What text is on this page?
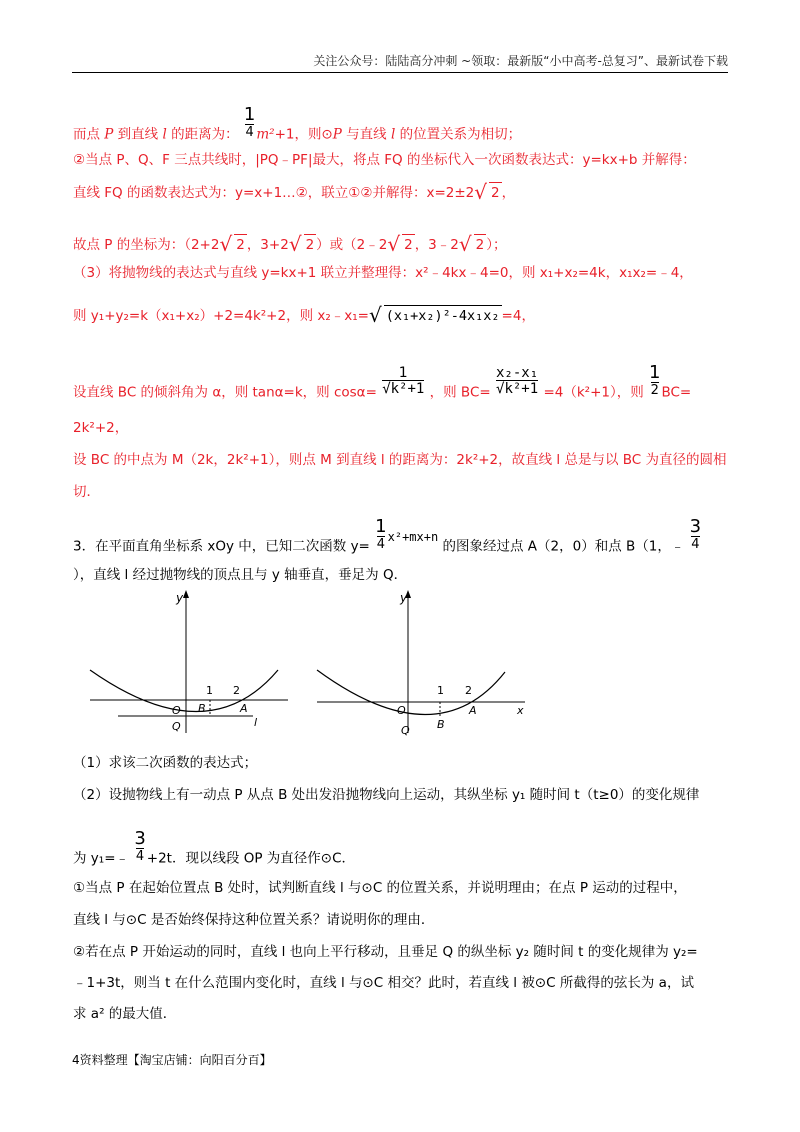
关注公众号：陆陆高分冲刺 ~领取：最新版“小中高考-总复习”、最新试卷下载
而点 P 到直线 l 的距离为： $\frac{1}{4} m^2+1$，则⊙P 与直线 l 的位置关系为相切；
②当点 P、Q、F 三点共线时，|PQ﹣PF|最大，将点 FQ 的坐标代入一次函数表达式：y=kx+b 并解得：
直线 FQ 的函数表达式为：y=x+1…②，联立①②并解得：x=2±2√ 2 ，
故点 P 的坐标为：（2+2√ 2 ，3+2√ 2 ）或（2﹣2√ 2 ，3﹣2√ 2 ）；
（3）将抛物线的表达式与直线 y=kx+1 联立并整理得：x²﹣4kx﹣4=0，则 x₁+x₂=4k，x₁x₂=﹣4，
则 y₁+y₂=k（x₁+x₂）+2=4k²+2，则 x₂﹣x₁=√ (x₁+x₂)²-4x₁x₂ =4，
设直线 BC 的倾斜角为 α，则 tanα=k，则 $\cos\alpha= \frac{1}{\text{√k²+1}}$ ，则 $BC= \frac{\text{x₂-x₁}}{\text{√k²+1}} =4(k^2+1)$，则 $\frac{1}{2} BC=$
2k²+2，
设 BC 的中点为 M（2k，2k²+1），则点 M 到直线 l 的距离为：2k²+2，故直线 l 总是与以 BC 为直径的圆相
切．
3．在平面直角坐标系 xOy 中，已知二次函数 $y= \frac{1}{4} x^2+mx+n$ 的图象经过点 A（2，0）和点 B（1，﹣ $\frac{3}{4}$
），直线 l 经过抛物线的顶点且与 y 轴垂直，垂足为 Q．
y
O
Q
B	A
l
1 2
y
O
Q B
A	x
1 2
（1）求该二次函数的表达式；
（2）设抛物线上有一动点 P 从点 B 处出发沿抛物线向上运动，其纵坐标 y₁ 随时间 t（t≥0）的变化规律
为 y₁=﹣ $\frac{3}{4} +2t$．现以线段 OP 为直径作⊙C．
①当点 P 在起始位置点 B 处时，试判断直线 l 与⊙C 的位置关系，并说明理由；在点 P 运动的过程中，
直线 l 与⊙C 是否始终保持这种位置关系？请说明你的理由．
②若在点 P 开始运动的同时，直线 l 也向上平行移动，且垂足 Q 的纵坐标 y₂ 随时间 t 的变化规律为 y₂=
﹣1+3t，则当 t 在什么范围内变化时，直线 l 与⊙C 相交？此时，若直线 l 被⊙C 所截得的弦长为 a，试
求 a² 的最大值．
4资料整理【淘宝店铺：向阳百分百】
